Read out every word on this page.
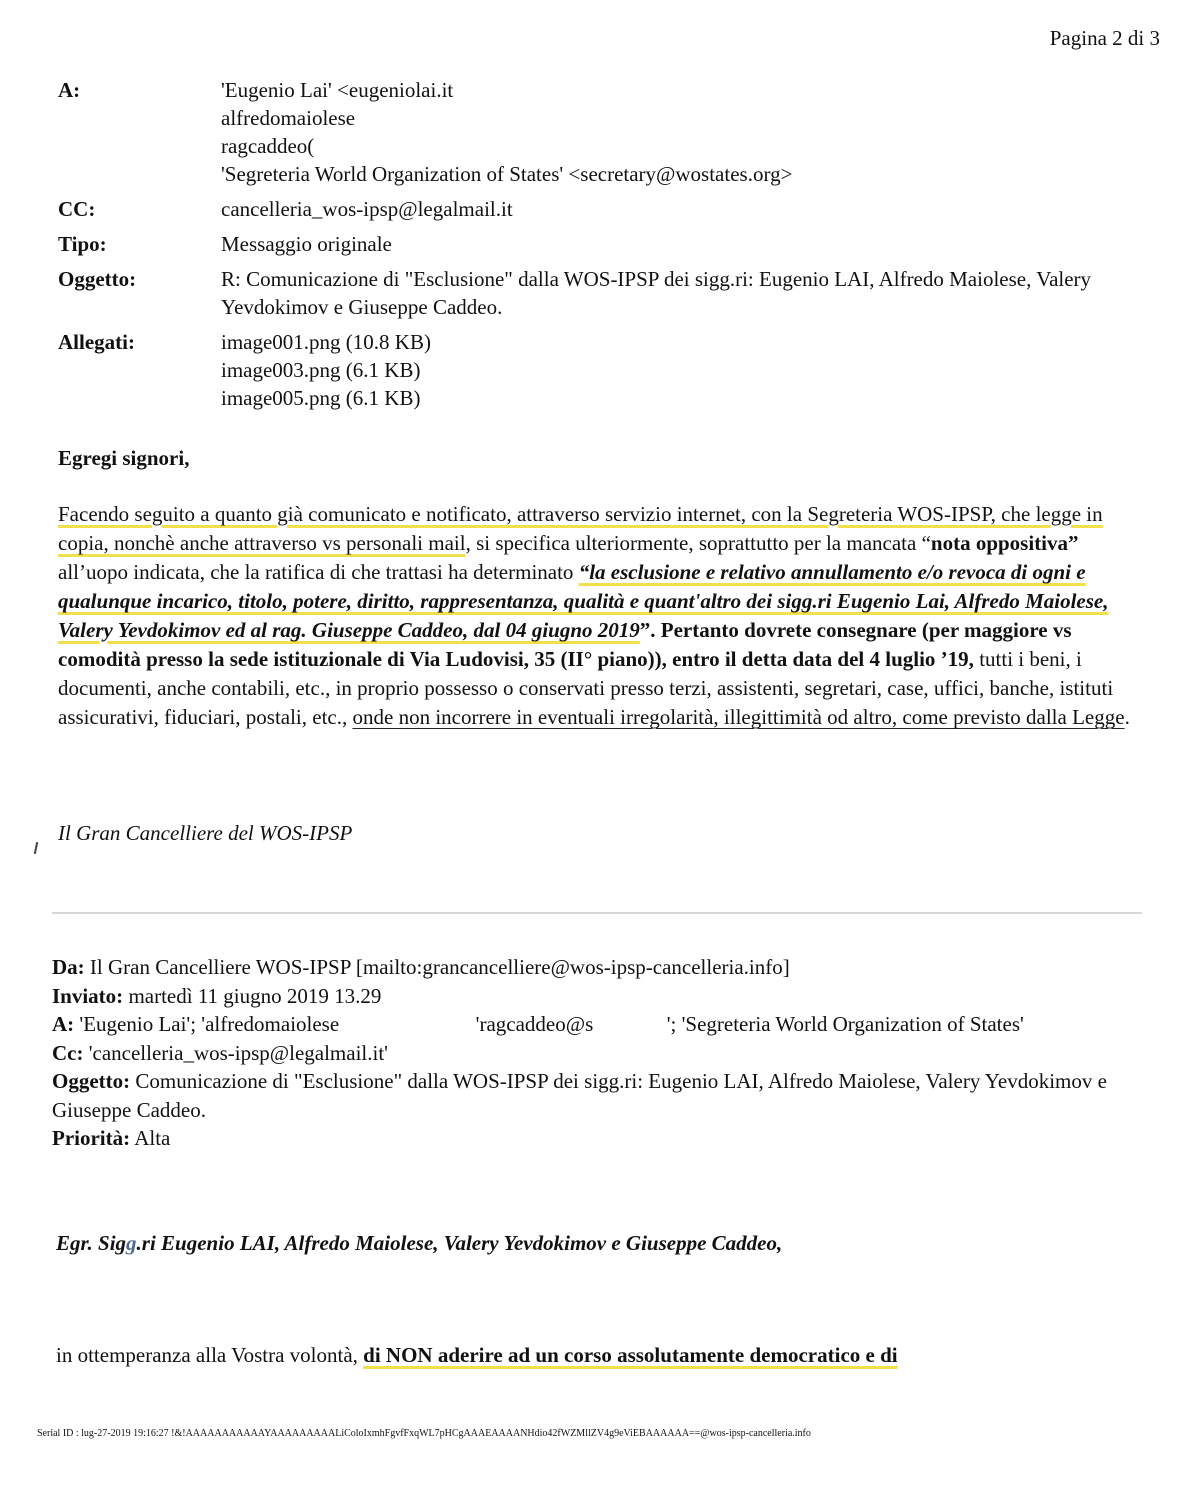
Pagina 2 di 3
A:	'Eugenio Lai' <eugeniolai.it
alfredomaiolese
ragcaddeo(
'Segreteria World Organization of States' <secretary@wostates.org>
CC:	cancelleria_wos-ipsp@legalmail.it
Tipo:	Messaggio originale
Oggetto:	R: Comunicazione di "Esclusione" dalla WOS-IPSP dei sigg.ri: Eugenio LAI, Alfredo Maiolese, Valery Yevdokimov e Giuseppe Caddeo.
Allegati:	image001.png (10.8 KB)
image003.png (6.1 KB)
image005.png (6.1 KB)
Egregi signori,
Facendo seguito a quanto già comunicato e notificato, attraverso servizio internet, con la Segreteria WOS-IPSP, che legge in copia, nonchè anche attraverso vs personali mail, si specifica ulteriormente, soprattutto per la mancata “nota oppositiva” all’uopo indicata, che la ratifica di che trattasi ha determinato “la esclusione e relativo annullamento e/o revoca di ogni e qualunque incarico, titolo, potere, diritto, rappresentanza, qualità e quant'altro dei sigg.ri Eugenio Lai, Alfredo Maiolese, Valery Yevdokimov ed al rag. Giuseppe Caddeo, dal 04 giugno 2019”. Pertanto dovrete consegnare (per maggiore vs comodità presso la sede istituzionale di Via Ludovisi, 35 (II° piano)), entro il detta data del 4 luglio ’19, tutti i beni, i documenti, anche contabili, etc., in proprio possesso o conservati presso terzi, assistenti, segretari, case, uffici, banche, istituti assicurativi, fiduciari, postali, etc., onde non incorrere in eventuali irregolarità, illegittimità od altro, come previsto dalla Legge.
Il Gran Cancelliere del WOS-IPSP
Da: Il Gran Cancelliere WOS-IPSP [mailto:grancancelliere@wos-ipsp-cancelleria.info]
Inviato: martedì 11 giugno 2019 13.29
A: 'Eugenio Lai'; 'alfredomaiolese                          'ragcaddeo@s              '; 'Segreteria World Organization of States'
Cc: 'cancelleria_wos-ipsp@legalmail.it'
Oggetto: Comunicazione di "Esclusione" dalla WOS-IPSP dei sigg.ri: Eugenio LAI, Alfredo Maiolese, Valery Yevdokimov e Giuseppe Caddeo.
Priorità: Alta
Egr. Sigg.ri Eugenio LAI, Alfredo Maiolese, Valery Yevdokimov e Giuseppe Caddeo,
in ottemperanza alla Vostra volontà, di NON aderire ad un corso assolutamente democratico e di
Serial ID : lug-27-2019 19:16:27 !&!AAAAAAAAAAAYAAAAAAAAALiColoIxmhFgvfFxqWL7pHCgAAAEAAAANHdio42fWZMllZV4g9eViEBAAAAAA==@wos-ipsp-cancelleria.info
